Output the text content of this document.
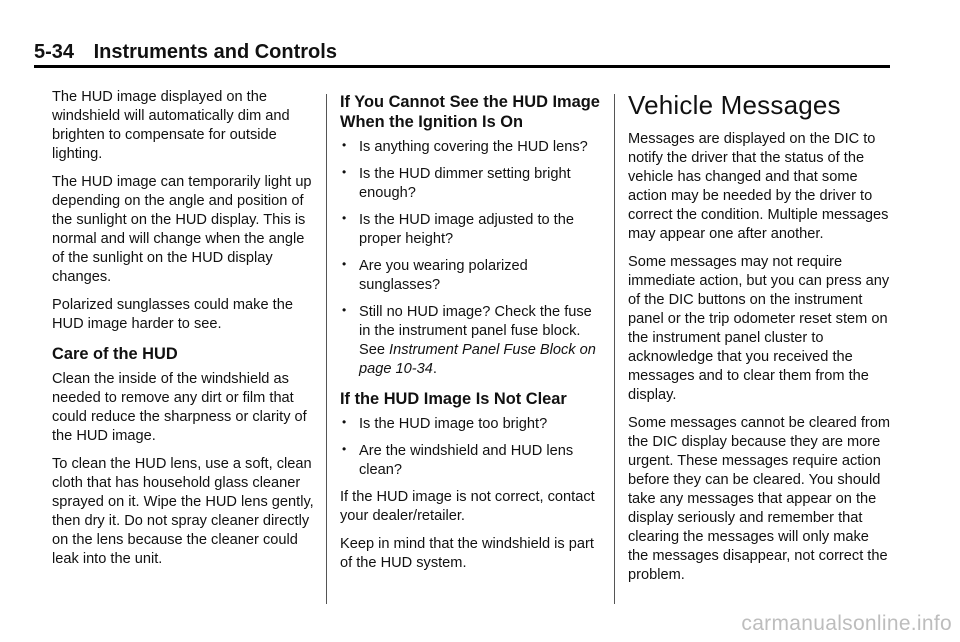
5-34 Instruments and Controls

The HUD image displayed on the windshield will automatically dim and brighten to compensate for outside lighting.

The HUD image can temporarily light up depending on the angle and position of the sunlight on the HUD display. This is normal and will change when the angle of the sunlight on the HUD display changes.

Polarized sunglasses could make the HUD image harder to see.

Care of the HUD

Clean the inside of the windshield as needed to remove any dirt or film that could reduce the sharpness or clarity of the HUD image.

To clean the HUD lens, use a soft, clean cloth that has household glass cleaner sprayed on it. Wipe the HUD lens gently, then dry it. Do not spray cleaner directly on the lens because the cleaner could leak into the unit.

If You Cannot See the HUD Image When the Ignition Is On
• Is anything covering the HUD lens?
• Is the HUD dimmer setting bright enough?
• Is the HUD image adjusted to the proper height?
• Are you wearing polarized sunglasses?
• Still no HUD image? Check the fuse in the instrument panel fuse block. See Instrument Panel Fuse Block on page 10-34.
If the HUD Image Is Not Clear
• Is the HUD image too bright?
• Are the windshield and HUD lens clean?

If the HUD image is not correct, contact your dealer/retailer.

Keep in mind that the windshield is part of the HUD system.

Vehicle Messages

Messages are displayed on the DIC to notify the driver that the status of the vehicle has changed and that some action may be needed by the driver to correct the condition. Multiple messages may appear one after another.

Some messages may not require immediate action, but you can press any of the DIC buttons on the instrument panel or the trip odometer reset stem on the instrument panel cluster to acknowledge that you received the messages and to clear them from the display.

Some messages cannot be cleared from the DIC display because they are more urgent. These messages require action before they can be cleared. You should take any messages that appear on the display seriously and remember that clearing the messages will only make the messages disappear, not correct the problem.

carmanualsonline.info
